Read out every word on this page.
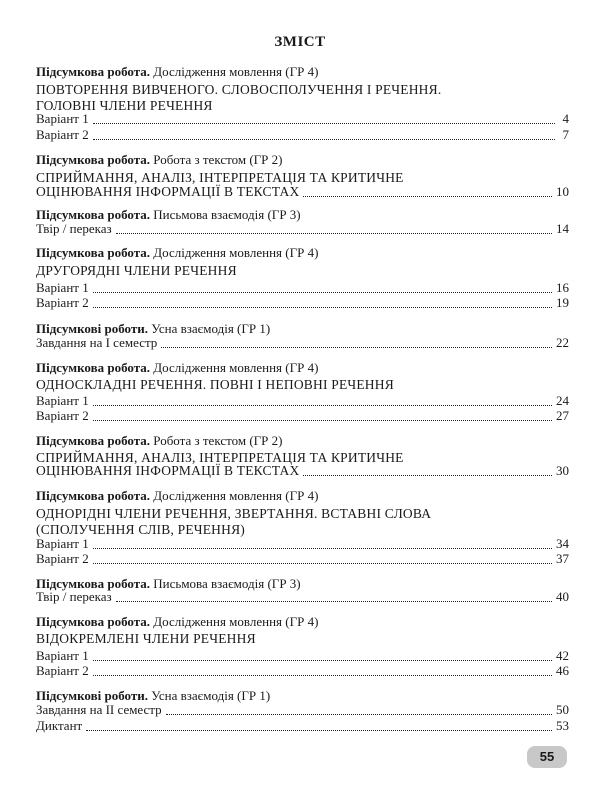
ЗМІСТ
Підсумкова робота. Дослідження мовлення (ГР 4)
ПОВТОРЕННЯ ВИВЧЕНОГО. СЛОВОСПОЛУЧЕННЯ І РЕЧЕННЯ.
ГОЛОВНІ ЧЛЕНИ РЕЧЕННЯ
Варіант 1	4
Варіант 2	7
Підсумкова робота. Робота з текстом (ГР 2)
СПРИЙМАННЯ, АНАЛІЗ, ІНТЕРПРЕТАЦІЯ ТА КРИТИЧНЕ
ОЦІНЮВАННЯ ІНФОРМАЦІЇ В ТЕКСТАХ	10
Підсумкова робота. Письмова взаємодія (ГР 3)
Твір / переказ	14
Підсумкова робота. Дослідження мовлення (ГР 4)
ДРУГОРЯДНІ ЧЛЕНИ РЕЧЕННЯ
Варіант 1	16
Варіант 2	19
Підсумкові роботи. Усна взаємодія (ГР 1)
Завдання на І семестр	22
Підсумкова робота. Дослідження мовлення (ГР 4)
ОДНОСКЛАДНІ РЕЧЕННЯ. ПОВНІ І НЕПОВНІ РЕЧЕННЯ
Варіант 1	24
Варіант 2	27
Підсумкова робота. Робота з текстом (ГР 2)
СПРИЙМАННЯ, АНАЛІЗ, ІНТЕРПРЕТАЦІЯ ТА КРИТИЧНЕ
ОЦІНЮВАННЯ ІНФОРМАЦІЇ В ТЕКСТАХ	30
Підсумкова робота. Дослідження мовлення (ГР 4)
ОДНОРІДНІ ЧЛЕНИ РЕЧЕННЯ, ЗВЕРТАННЯ. ВСТАВНІ СЛОВА
(СПОЛУЧЕННЯ СЛІВ, РЕЧЕННЯ)
Варіант 1	34
Варіант 2	37
Підсумкова робота. Письмова взаємодія (ГР 3)
Твір / переказ	40
Підсумкова робота. Дослідження мовлення (ГР 4)
ВІДОКРЕМЛЕНІ ЧЛЕНИ РЕЧЕННЯ
Варіант 1	42
Варіант 2	46
Підсумкові роботи. Усна взаємодія (ГР 1)
Завдання на ІІ семестр	50
Диктант	53
55
